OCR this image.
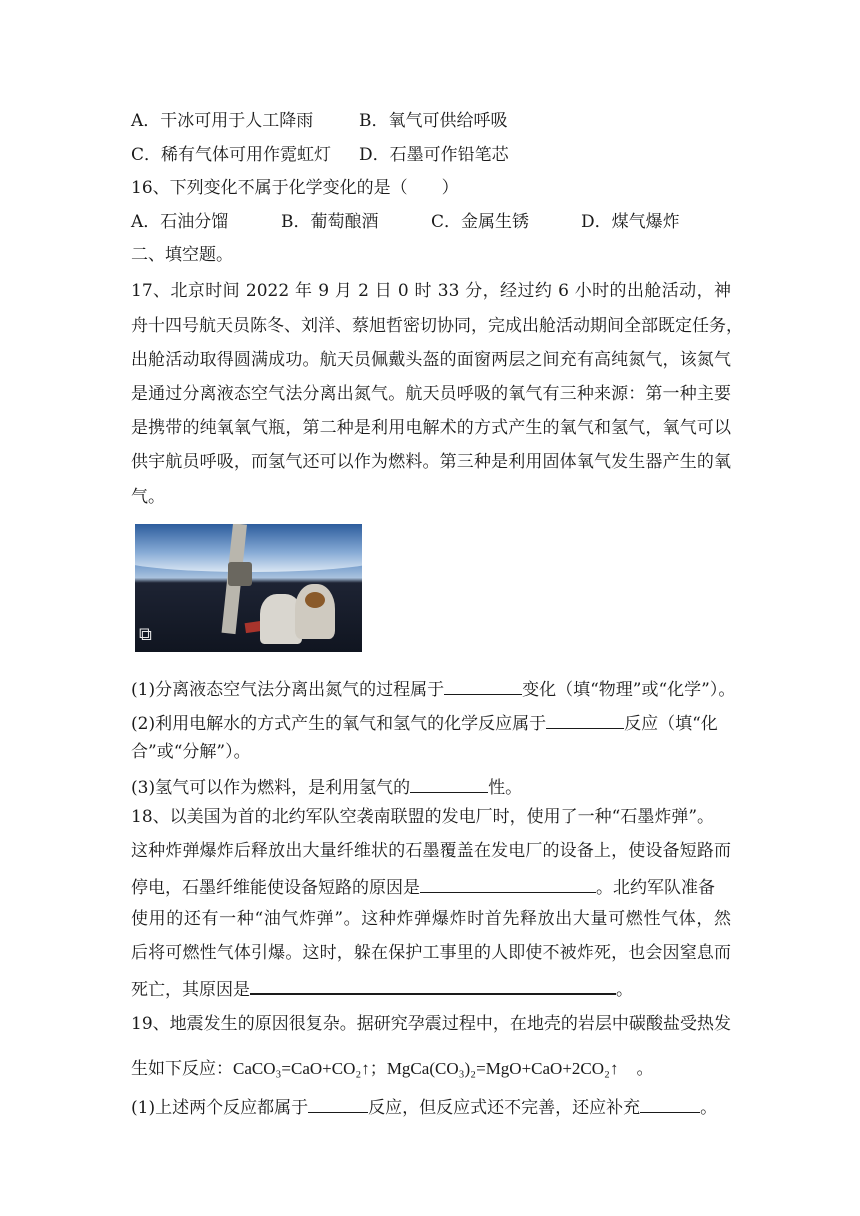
A．干冰可用于人工降雨	B．氧气可供给呼吸
C．稀有气体可用作霓虹灯 D．石墨可作铅笔芯
16、下列变化不属于化学变化的是（　　）
A．石油分馏	B．葡萄酿酒	C．金属生锈	D．煤气爆炸
二、填空题。
17、北京时间 2022 年 9 月 2 日 0 时 33 分，经过约 6 小时的出舱活动，神
舟十四号航天员陈冬、刘洋、蔡旭哲密切协同，完成出舱活动期间全部既定任务，
出舱活动取得圆满成功。航天员佩戴头盔的面窗两层之间充有高纯氮气，该氮气
是通过分离液态空气法分离出氮气。航天员呼吸的氧气有三种来源：第一种主要
是携带的纯氧氧气瓶，第二种是利用电解术的方式产生的氧气和氢气，氧气可以
供宇航员呼吸，而氢气还可以作为燃料。第三种是利用固体氧气发生器产生的氧
气。
⧉
(1)分离液态空气法分离出氮气的过程属于	变化（填“物理”或“化学”）。
(2)利用电解水的方式产生的氧气和氢气的化学反应属于	反应（填“化
合”或“分解”）。
(3)氢气可以作为燃料，是利用氢气的	性。
18、以美国为首的北约军队空袭南联盟的发电厂时，使用了一种“石墨炸弹”。
这种炸弹爆炸后释放出大量纤维状的石墨覆盖在发电厂的设备上，使设备短路而
停电，石墨纤维能使设备短路的原因是	。北约军队准备
使用的还有一种“油气炸弹”。这种炸弹爆炸时首先释放出大量可燃性气体，然
后将可燃性气体引爆。这时，躲在保护工事里的人即使不被炸死，也会因窒息而
死亡，其原因是	。
19、地震发生的原因很复杂。据研究孕震过程中，在地壳的岩层中碳酸盐受热发
生如下反应：CaCO₃=CaO+CO₂↑；MgCa(CO₃)₂=MgO+CaO+2CO₂↑ 。
(1)上述两个反应都属于	反应，但反应式还不完善，还应补充	。
